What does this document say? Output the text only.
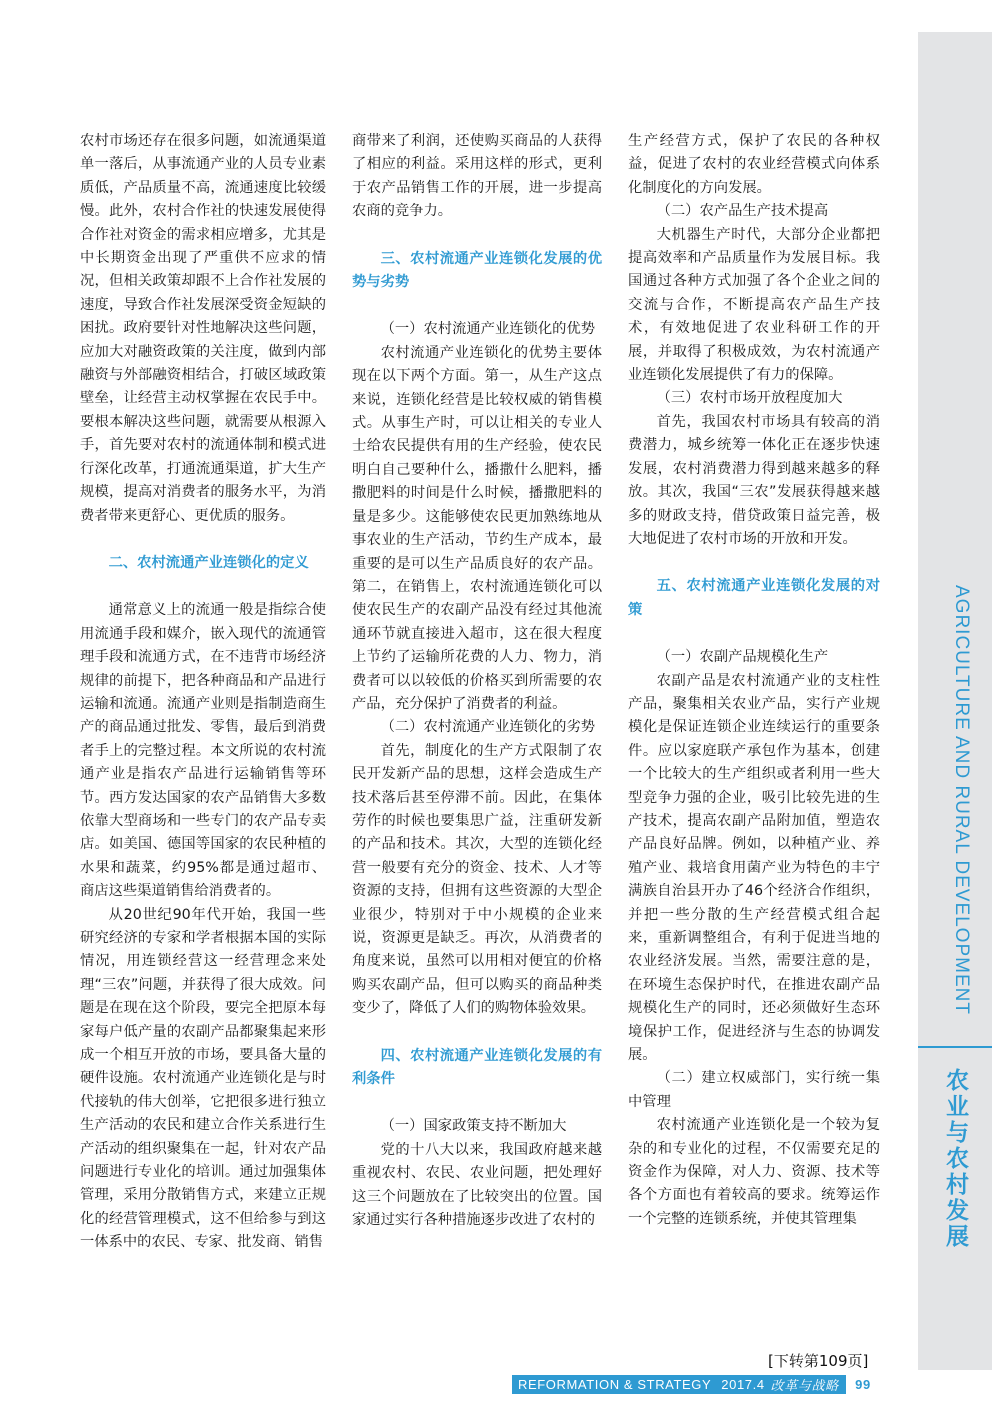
AGRICULTURE AND RURAL DEVELOPMENT
农业与农村发展

农村市场还存在很多问题，如流通渠道单一落后，从事流通产业的人员专业素质低，产品质量不高，流通速度比较缓慢。此外，农村合作社的快速发展使得合作社对资金的需求相应增多，尤其是中长期资金出现了严重供不应求的情况，但相关政策却跟不上合作社发展的速度，导致合作社发展深受资金短缺的困扰。政府要针对性地解决这些问题，应加大对融资政策的关注度，做到内部融资与外部融资相结合，打破区域政策壁垒，让经营主动权掌握在农民手中。要根本解决这些问题，就需要从根源入手，首先要对农村的流通体制和模式进行深化改革，打通流通渠道，扩大生产规模，提高对消费者的服务水平，为消费者带来更舒心、更优质的服务。

二、农村流通产业连锁化的定义

通常意义上的流通一般是指综合使用流通手段和媒介，嵌入现代的流通管理手段和流通方式，在不违背市场经济规律的前提下，把各种商品和产品进行运输和流通。流通产业则是指制造商生产的商品通过批发、零售，最后到消费者手上的完整过程。本文所说的农村流通产业是指农产品进行运输销售等环节。西方发达国家的农产品销售大多数依靠大型商场和一些专门的农产品专卖店。如美国、德国等国家的农民种植的水果和蔬菜，约95%都是通过超市、商店这些渠道销售给消费者的。

从20世纪90年代开始，我国一些研究经济的专家和学者根据本国的实际情况，用连锁经营这一经营理念来处理“三农”问题，并获得了很大成效。问题是在现在这个阶段，要完全把原本每家每户低产量的农副产品都聚集起来形成一个相互开放的市场，要具备大量的硬件设施。农村流通产业连锁化是与时代接轨的伟大创举，它把很多进行独立生产活动的农民和建立合作关系进行生产活动的组织聚集在一起，针对农产品问题进行专业化的培训。通过加强集体管理，采用分散销售方式，来建立正规化的经营管理模式，这不但给参与到这一体系中的农民、专家、批发商、销售

商带来了利润，还使购买商品的人获得了相应的利益。采用这样的形式，更利于农产品销售工作的开展，进一步提高农商的竞争力。

三、农村流通产业连锁化发展的优势与劣势

（一）农村流通产业连锁化的优势

农村流通产业连锁化的优势主要体现在以下两个方面。第一，从生产这点来说，连锁化经营是比较权威的销售模式。从事生产时，可以让相关的专业人士给农民提供有用的生产经验，使农民明白自己要种什么，播撒什么肥料，播撒肥料的时间是什么时候，播撒肥料的量是多少。这能够使农民更加熟练地从事农业的生产活动，节约生产成本，最重要的是可以生产品质良好的农产品。第二，在销售上，农村流通连锁化可以使农民生产的农副产品没有经过其他流通环节就直接进入超市，这在很大程度上节约了运输所花费的人力、物力，消费者可以以较低的价格买到所需要的农产品，充分保护了消费者的利益。

（二）农村流通产业连锁化的劣势

首先，制度化的生产方式限制了农民开发新产品的思想，这样会造成生产技术落后甚至停滞不前。因此，在集体劳作的时候也要集思广益，注重研发新的产品和技术。其次，大型的连锁化经营一般要有充分的资金、技术、人才等资源的支持，但拥有这些资源的大型企业很少，特别对于中小规模的企业来说，资源更是缺乏。再次，从消费者的角度来说，虽然可以用相对便宜的价格购买农副产品，但可以购买的商品种类变少了，降低了人们的购物体验效果。

四、农村流通产业连锁化发展的有利条件

（一）国家政策支持不断加大

党的十八大以来，我国政府越来越重视农村、农民、农业问题，把处理好这三个问题放在了比较突出的位置。国家通过实行各种措施逐步改进了农村的

生产经营方式，保护了农民的各种权益，促进了农村的农业经营模式向体系化制度化的方向发展。

（二）农产品生产技术提高

大机器生产时代，大部分企业都把提高效率和产品质量作为发展目标。我国通过各种方式加强了各个企业之间的交流与合作，不断提高农产品生产技术，有效地促进了农业科研工作的开展，并取得了积极成效，为农村流通产业连锁化发展提供了有力的保障。

（三）农村市场开放程度加大

首先，我国农村市场具有较高的消费潜力，城乡统筹一体化正在逐步快速发展，农村消费潜力得到越来越多的释放。其次，我国“三农”发展获得越来越多的财政支持，借贷政策日益完善，极大地促进了农村市场的开放和开发。

五、农村流通产业连锁化发展的对策

（一）农副产品规模化生产

农副产品是农村流通产业的支柱性产品，聚集相关农业产品，实行产业规模化是保证连锁企业连续运行的重要条件。应以家庭联产承包作为基本，创建一个比较大的生产组织或者利用一些大型竞争力强的企业，吸引比较先进的生产技术，提高农副产品附加值，塑造农产品良好品牌。例如，以种植产业、养殖产业、栽培食用菌产业为特色的丰宁满族自治县开办了46个经济合作组织，并把一些分散的生产经营模式组合起来，重新调整组合，有利于促进当地的农业经济发展。当然，需要注意的是，在环境生态保护时代，在推进农副产品规模化生产的同时，还必须做好生态环境保护工作，促进经济与生态的协调发展。

（二）建立权威部门，实行统一集中管理

农村流通产业连锁化是一个较为复杂的和专业化的过程，不仅需要充足的资金作为保障，对人力、资源、技术等各个方面也有着较高的要求。统筹运作一个完整的连锁系统，并使其管理集

[下转第109页]
REFORMATION & STRATEGY 2017.4 改革与战略	99
